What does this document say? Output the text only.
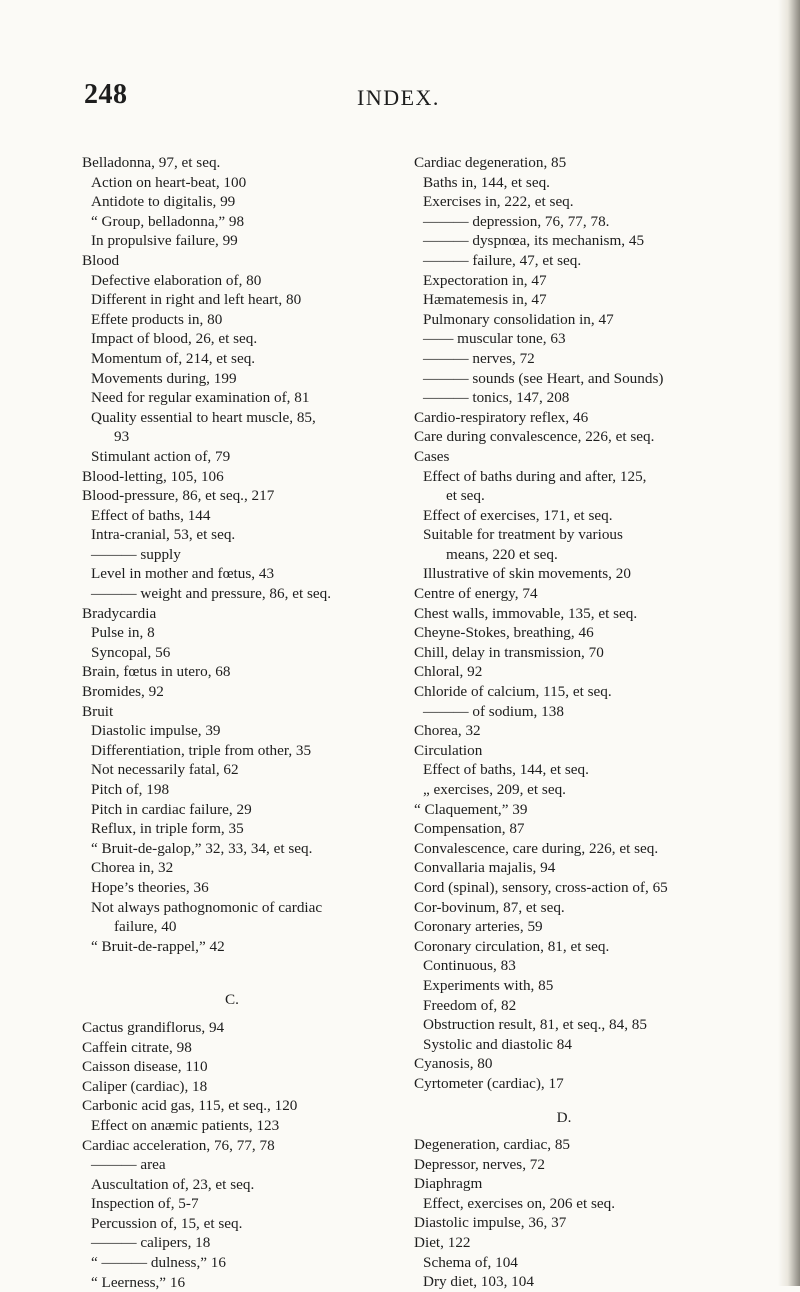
248	INDEX.
Belladonna, 97, et seq.
Action on heart-beat, 100
Antidote to digitalis, 99
“ Group, belladonna,” 98
In propulsive failure, 99
Blood
Defective elaboration of, 80
Different in right and left heart, 80
Effete products in, 80
Impact of blood, 26, et seq.
Momentum of, 214, et seq.
Movements during, 199
Need for regular examination of, 81
Quality essential to heart muscle, 85,
93
Stimulant action of, 79
Blood-letting, 105, 106
Blood-pressure, 86, et seq., 217
Effect of baths, 144
Intra-cranial, 53, et seq.
——— supply
Level in mother and fœtus, 43
——— weight and pressure, 86, et seq.
Bradycardia
Pulse in, 8
Syncopal, 56
Brain, fœtus in utero, 68
Bromides, 92
Bruit
Diastolic impulse, 39
Differentiation, triple from other, 35
Not necessarily fatal, 62
Pitch of, 198
Pitch in cardiac failure, 29
Reflux, in triple form, 35
“ Bruit-de-galop,” 32, 33, 34, et seq.
Chorea in, 32
Hope’s theories, 36
Not always pathognomonic of cardiac
failure, 40
“ Bruit-de-rappel,” 42
C.
Cactus grandiflorus, 94
Caffein citrate, 98
Caisson disease, 110
Caliper (cardiac), 18
Carbonic acid gas, 115, et seq., 120
Effect on anæmic patients, 123
Cardiac acceleration, 76, 77, 78
——— area
Auscultation of, 23, et seq.
Inspection of, 5-7
Percussion of, 15, et seq.
——— calipers, 18
“ ——— dulness,” 16
“ Leerness,” 16
Cardiac degeneration, 85
Baths in, 144, et seq.
Exercises in, 222, et seq.
——— depression, 76, 77, 78.
——— dyspnœa, its mechanism, 45
——— failure, 47, et seq.
Expectoration in, 47
Hæmatemesis in, 47
Pulmonary consolidation in, 47
—— muscular tone, 63
——— nerves, 72
——— sounds (see Heart, and Sounds)
——— tonics, 147, 208
Cardio-respiratory reflex, 46
Care during convalescence, 226, et seq.
Cases
Effect of baths during and after, 125,
et seq.
Effect of exercises, 171, et seq.
Suitable for treatment by various
means, 220 et seq.
Illustrative of skin movements, 20
Centre of energy, 74
Chest walls, immovable, 135, et seq.
Cheyne-Stokes, breathing, 46
Chill, delay in transmission, 70
Chloral, 92
Chloride of calcium, 115, et seq.
——— of sodium, 138
Chorea, 32
Circulation
Effect of baths, 144, et seq.
„ exercises, 209, et seq.
“ Claquement,” 39
Compensation, 87
Convalescence, care during, 226, et seq.
Convallaria majalis, 94
Cord (spinal), sensory, cross-action of, 65
Cor-bovinum, 87, et seq.
Coronary arteries, 59
Coronary circulation, 81, et seq.
Continuous, 83
Experiments with, 85
Freedom of, 82
Obstruction result, 81, et seq., 84, 85
Systolic and diastolic 84
Cyanosis, 80
Cyrtometer (cardiac), 17
D.
Degeneration, cardiac, 85
Depressor, nerves, 72
Diaphragm
Effect, exercises on, 206 et seq.
Diastolic impulse, 36, 37
Diet, 122
Schema of, 104
Dry diet, 103, 104
